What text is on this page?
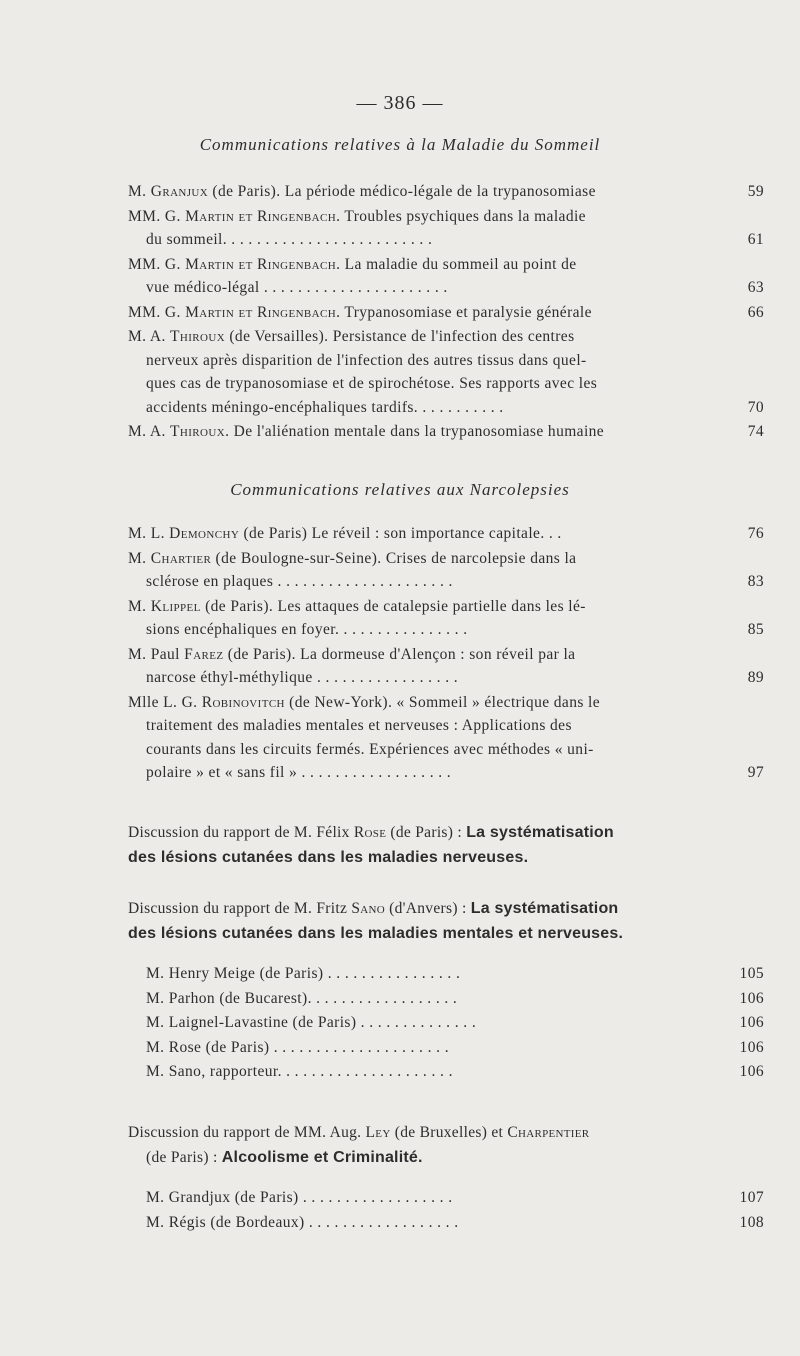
— 386 —
Communications relatives à la Maladie du Sommeil
M. Granjux (de Paris). La période médico-légale de la trypanosomiase	59
MM. G. Martin et Ringenbach. Troubles psychiques dans la maladie
du sommeil. . . . . . . . . . . . . . . . . . . . . . . . .	61
MM. G. Martin et Ringenbach. La maladie du sommeil au point de
vue médico-légal . . . . . . . . . . . . . . . . . . . . . .	63
MM. G. Martin et Ringenbach. Trypanosomiase et paralysie générale	66
M. A. Thiroux (de Versailles). Persistance de l'infection des centres
nerveux après disparition de l'infection des autres tissus dans quel-
ques cas de trypanosomiase et de spirochétose. Ses rapports avec les
accidents méningo-encéphaliques tardifs. . . . . . . . . . .	70
M. A. Thiroux. De l'aliénation mentale dans la trypanosomiase humaine	74
Communications relatives aux Narcolepsies
M. L. Demonchy (de Paris) Le réveil : son importance capitale. . .	76
M. Chartier (de Boulogne-sur-Seine). Crises de narcolepsie dans la
sclérose en plaques . . . . . . . . . . . . . . . . . . . . .	83
M. Klippel (de Paris). Les attaques de catalepsie partielle dans les lé-
sions encéphaliques en foyer. . . . . . . . . . . . . . . .	85
M. Paul Farez (de Paris). La dormeuse d'Alençon : son réveil par la
narcose éthyl-méthylique . . . . . . . . . . . . . . . . .	89
Mlle L. G. Robinovitch (de New-York). « Sommeil » électrique dans le
traitement des maladies mentales et nerveuses : Applications des
courants dans les circuits fermés. Expériences avec méthodes « uni-
polaire » et « sans fil » . . . . . . . . . . . . . . . . . .	97
Discussion du rapport de M. Félix Rose (de Paris) : La systématisation
des lésions cutanées dans les maladies nerveuses.
Discussion du rapport de M. Fritz Sano (d'Anvers) : La systématisation
des lésions cutanées dans les maladies mentales et nerveuses.
M. Henry Meige (de Paris) . . . . . . . . . . . . . . . .	105
M. Parhon (de Bucarest). . . . . . . . . . . . . . . . . .	106
M. Laignel-Lavastine (de Paris) . . . . . . . . . . . . . .	106
M. Rose (de Paris) . . . . . . . . . . . . . . . . . . . . .	106
M. Sano, rapporteur. . . . . . . . . . . . . . . . . . . . .	106
Discussion du rapport de MM. Aug. Ley (de Bruxelles) et Charpentier
(de Paris) : Alcoolisme et Criminalité.
M. Grandjux (de Paris) . . . . . . . . . . . . . . . . . .	107
M. Régis (de Bordeaux) . . . . . . . . . . . . . . . . . .	108
